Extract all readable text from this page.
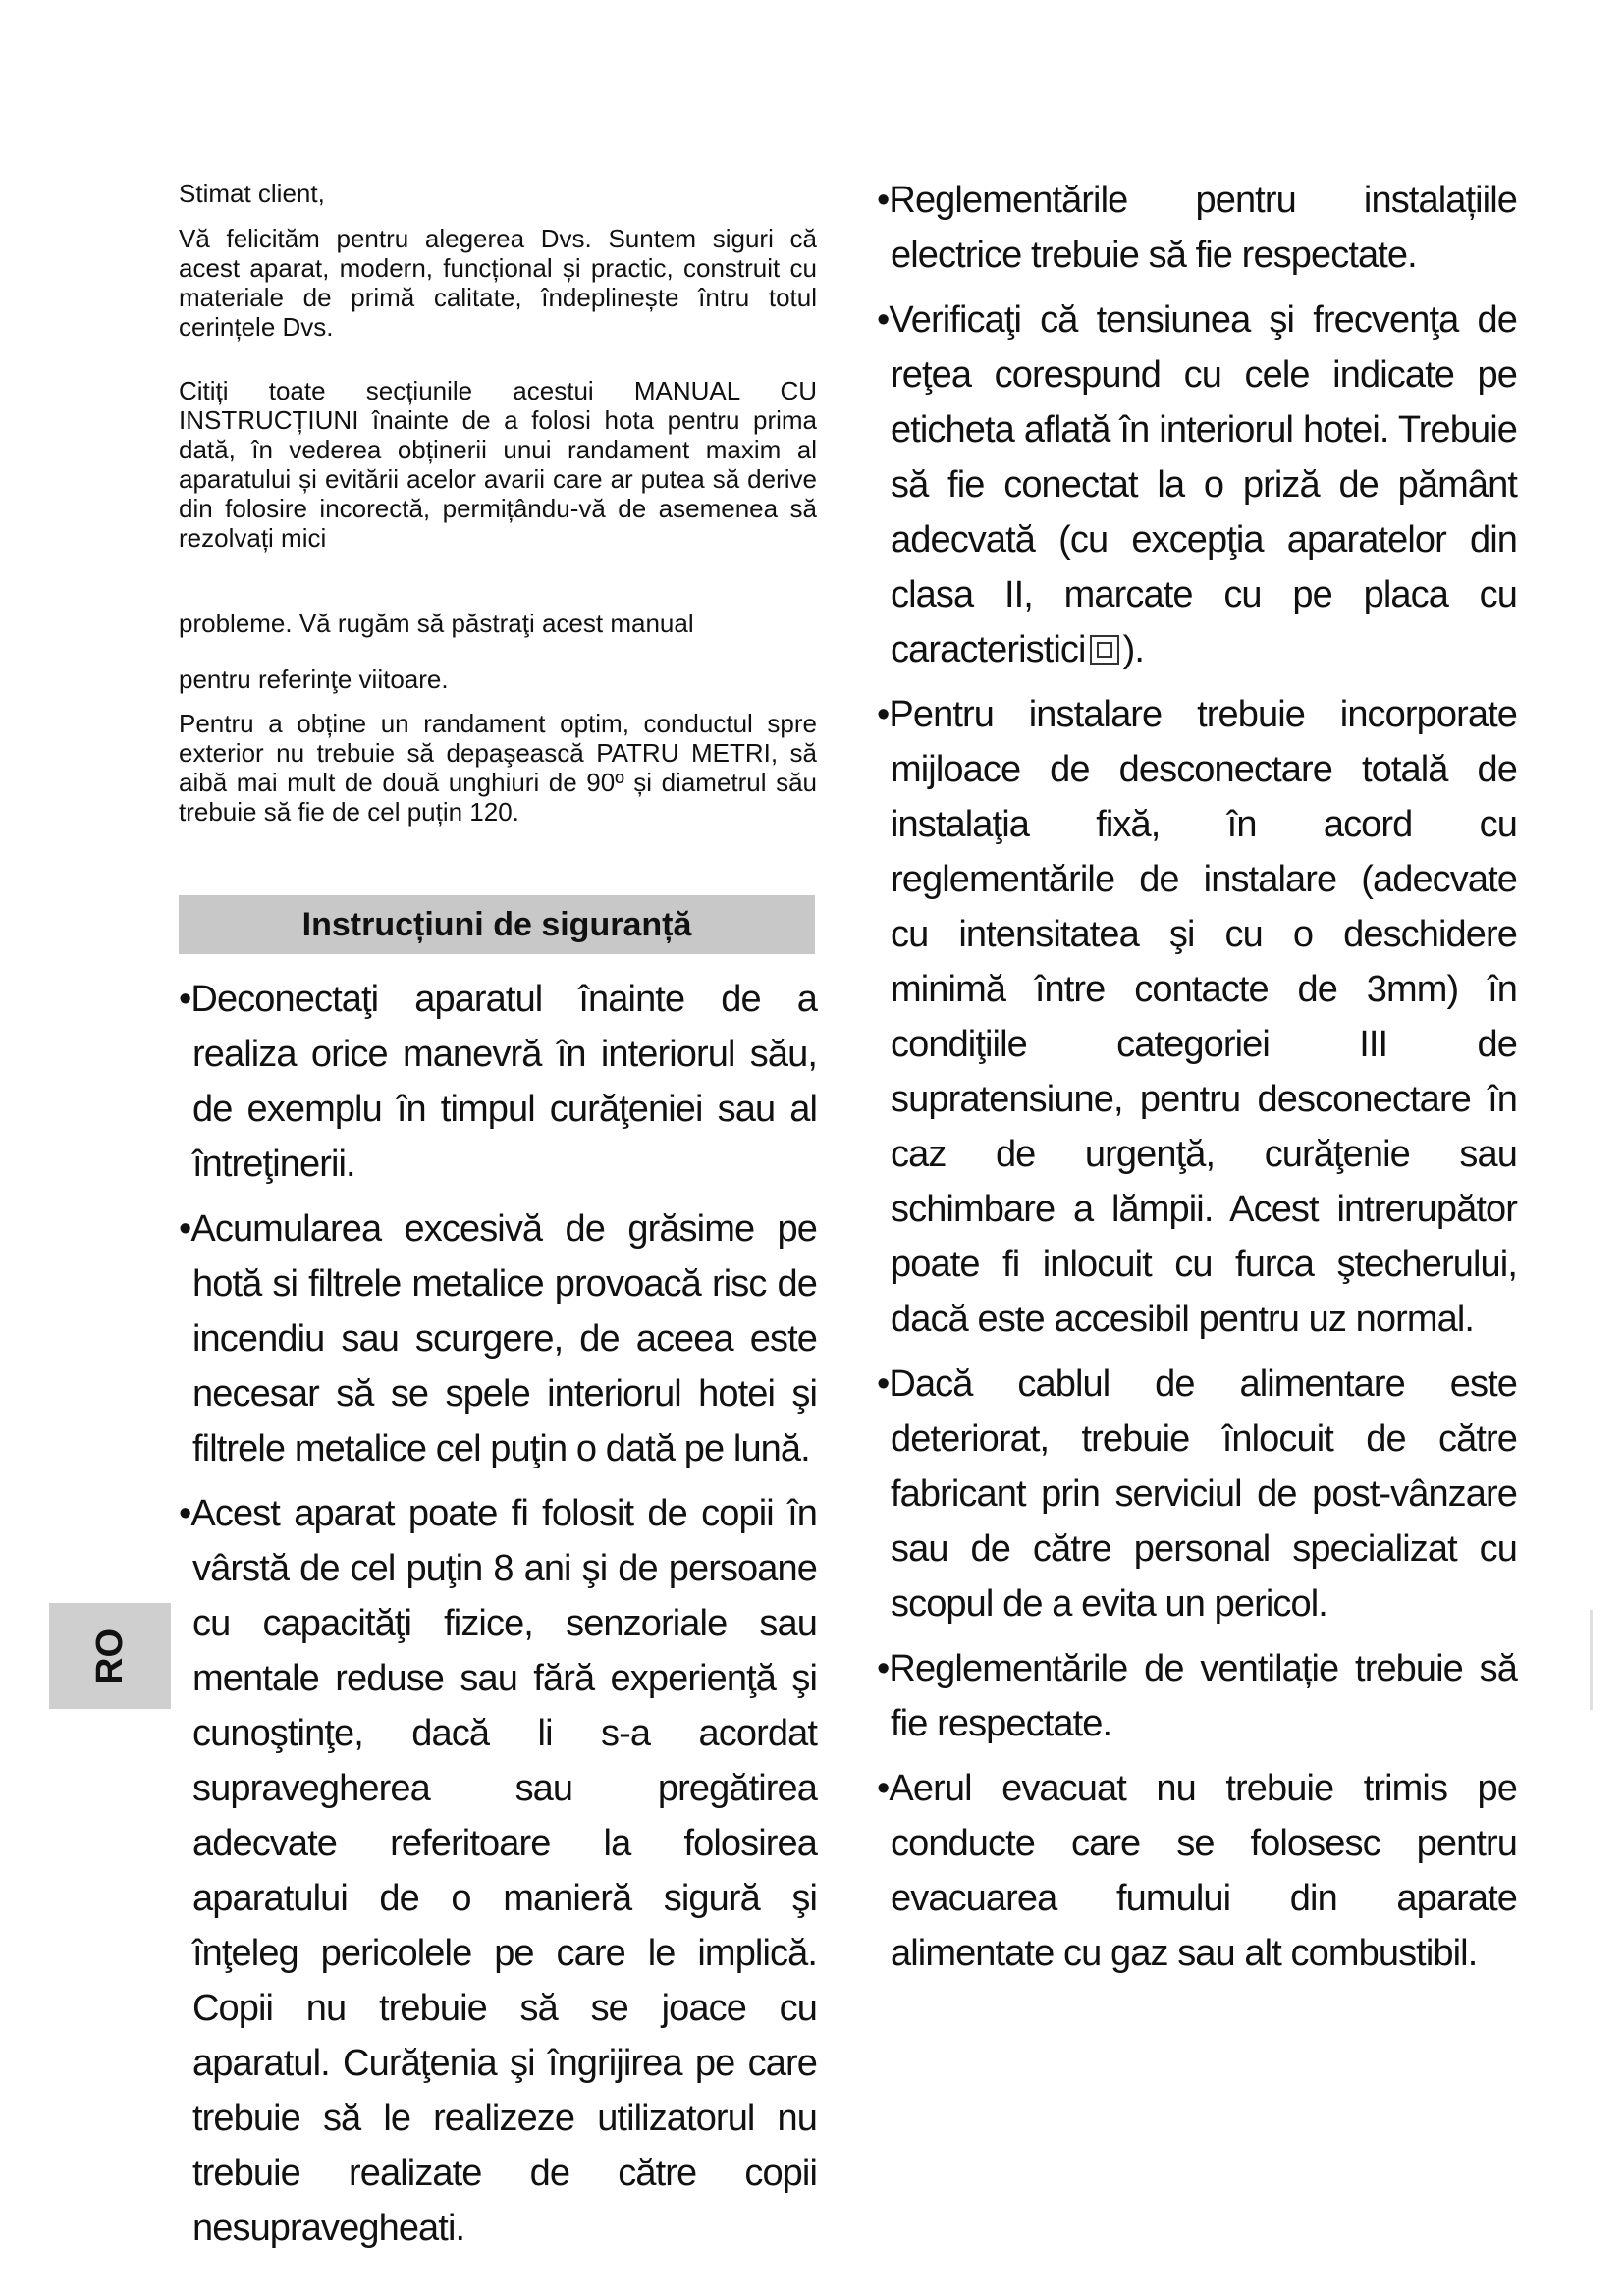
Stimat client,

Vă felicităm pentru alegerea Dvs. Suntem siguri că acest aparat, modern, funcțional și practic, construit cu materiale de primă calitate, îndeplinește întru totul cerințele Dvs.

Citiți toate secțiunile acestui MANUAL CU INSTRUCȚIUNI înainte de a folosi hota pentru prima dată, în vederea obținerii unui randament maxim al aparatului și evitării acelor avarii care ar putea să derive din folosire incorectă, permițându-vă de asemenea să rezolvați mici

probleme. Vă rugăm să păstraţi acest manual

pentru referinţe viitoare.

Pentru a obține un randament optim, conductul spre exterior nu trebuie să depaşească PATRU METRI, să aibă mai mult de două unghiuri de 90º și diametrul său trebuie să fie de cel puțin 120.

Instrucțiuni de siguranță
•Deconectaţi aparatul înainte de a realiza orice manevră în interiorul său, de exemplu în timpul curăţeniei sau al întreţinerii.
•Acumularea excesivă de grăsime pe hotă si filtrele metalice provoacă risc de incendiu sau scurgere, de aceea este necesar să se spele interiorul hotei şi filtrele metalice cel puţin o dată pe lună.
•Acest aparat poate fi folosit de copii în vârstă de cel puţin 8 ani şi de persoane cu capacităţi fizice, senzoriale sau mentale reduse sau fără experienţă şi cunoştinţe, dacă li s-a acordat supravegherea sau pregătirea adecvate referitoare la folosirea aparatului de o manieră sigură şi înţeleg pericolele pe care le implică. Copii nu trebuie să se joace cu aparatul. Curăţenia şi îngrijirea pe care trebuie să le realizeze utilizatorul nu trebuie realizate de către copii nesupravegheati.
•Reglementările pentru instalațiile electrice trebuie să fie respectate.
•Verificaţi că tensiunea şi frecvenţa de reţea corespund cu cele indicate pe eticheta aflată în interiorul hotei. Trebuie să fie conectat la o priză de pământ adecvată (cu excepţia aparatelor din clasa II, marcate cu pe placa cu caracteristici ).
•Pentru instalare trebuie incorporate mijloace de desconectare totală de instalaţia fixă, în acord cu reglementările de instalare (adecvate cu intensitatea şi cu o deschidere minimă între contacte de 3mm) în condiţiile categoriei III de supratensiune, pentru desconectare în caz de urgenţă, curăţenie sau schimbare a lămpii. Acest intrerupător poate fi inlocuit cu furca ştecherului, dacă este accesibil pentru uz normal.
•Dacă cablul de alimentare este deteriorat, trebuie înlocuit de către fabricant prin serviciul de post-vânzare sau de către personal specializat cu scopul de a evita un pericol.
•Reglementările de ventilație trebuie să fie respectate.
•Aerul evacuat nu trebuie trimis pe conducte care se folosesc pentru evacuarea fumului din aparate alimentate cu gaz sau alt combustibil.
RO
